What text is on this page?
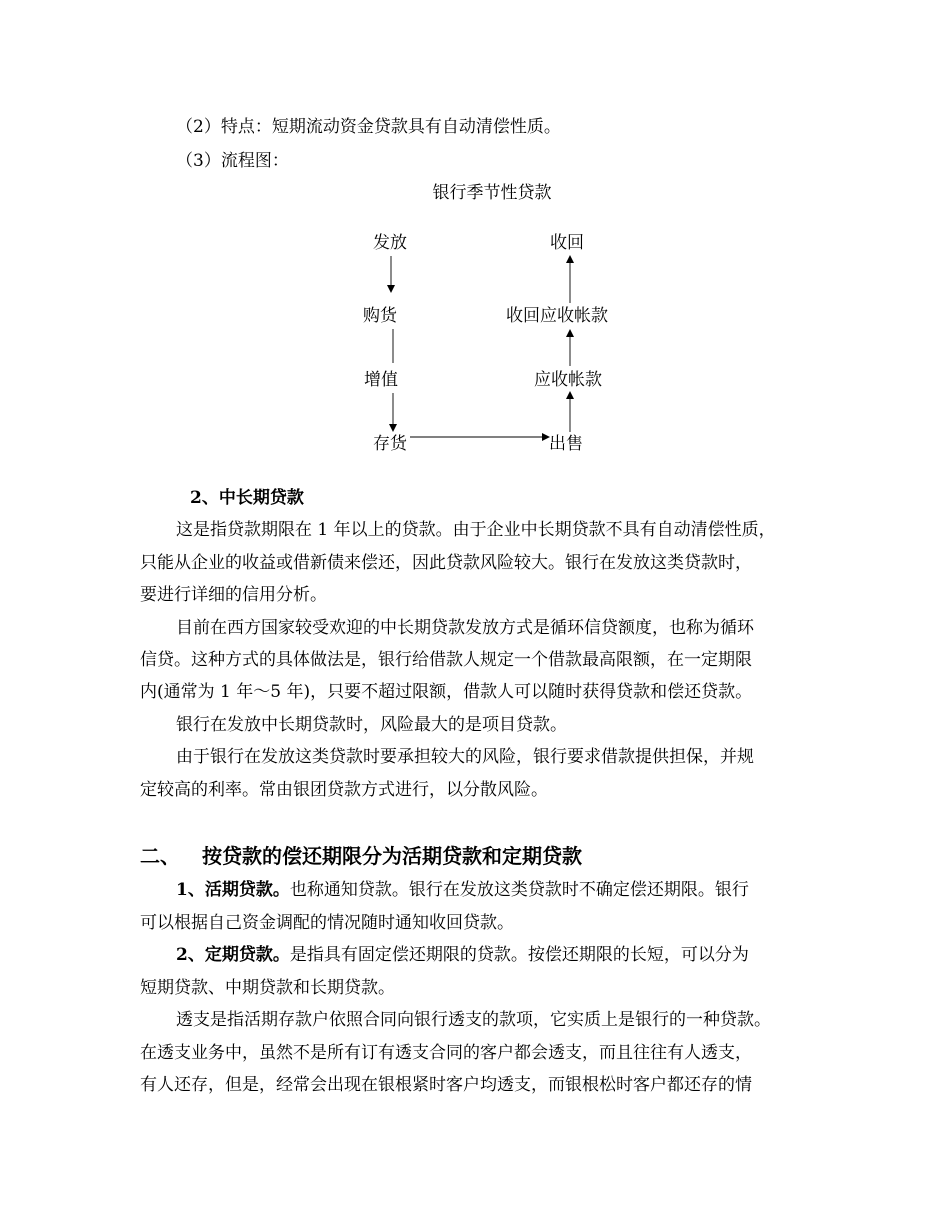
（2）特点：短期流动资金贷款具有自动清偿性质。
（3）流程图：
银行季节性贷款
发放
购货
增值
存货
收回
收回应收帐款
应收帐款
出售
2、中长期贷款
这是指贷款期限在 1 年以上的贷款。由于企业中长期贷款不具有自动清偿性质，
只能从企业的收益或借新债来偿还，因此贷款风险较大。银行在发放这类贷款时，
要进行详细的信用分析。
目前在西方国家较受欢迎的中长期贷款发放方式是循环信贷额度，也称为循环
信贷。这种方式的具体做法是，银行给借款人规定一个借款最高限额，在一定期限
内(通常为 1 年～5 年)，只要不超过限额，借款人可以随时获得贷款和偿还贷款。
银行在发放中长期贷款时，风险最大的是项目贷款。
由于银行在发放这类贷款时要承担较大的风险，银行要求借款提供担保，并规
定较高的利率。常由银团贷款方式进行，以分散风险。
二、 按贷款的偿还期限分为活期贷款和定期贷款
1、活期贷款。也称通知贷款。银行在发放这类贷款时不确定偿还期限。银行
可以根据自己资金调配的情况随时通知收回贷款。
2、定期贷款。是指具有固定偿还期限的贷款。按偿还期限的长短，可以分为
短期贷款、中期贷款和长期贷款。
透支是指活期存款户依照合同向银行透支的款项，它实质上是银行的一种贷款。
在透支业务中，虽然不是所有订有透支合同的客户都会透支，而且往往有人透支，
有人还存，但是，经常会出现在银根紧时客户均透支，而银根松时客户都还存的情
